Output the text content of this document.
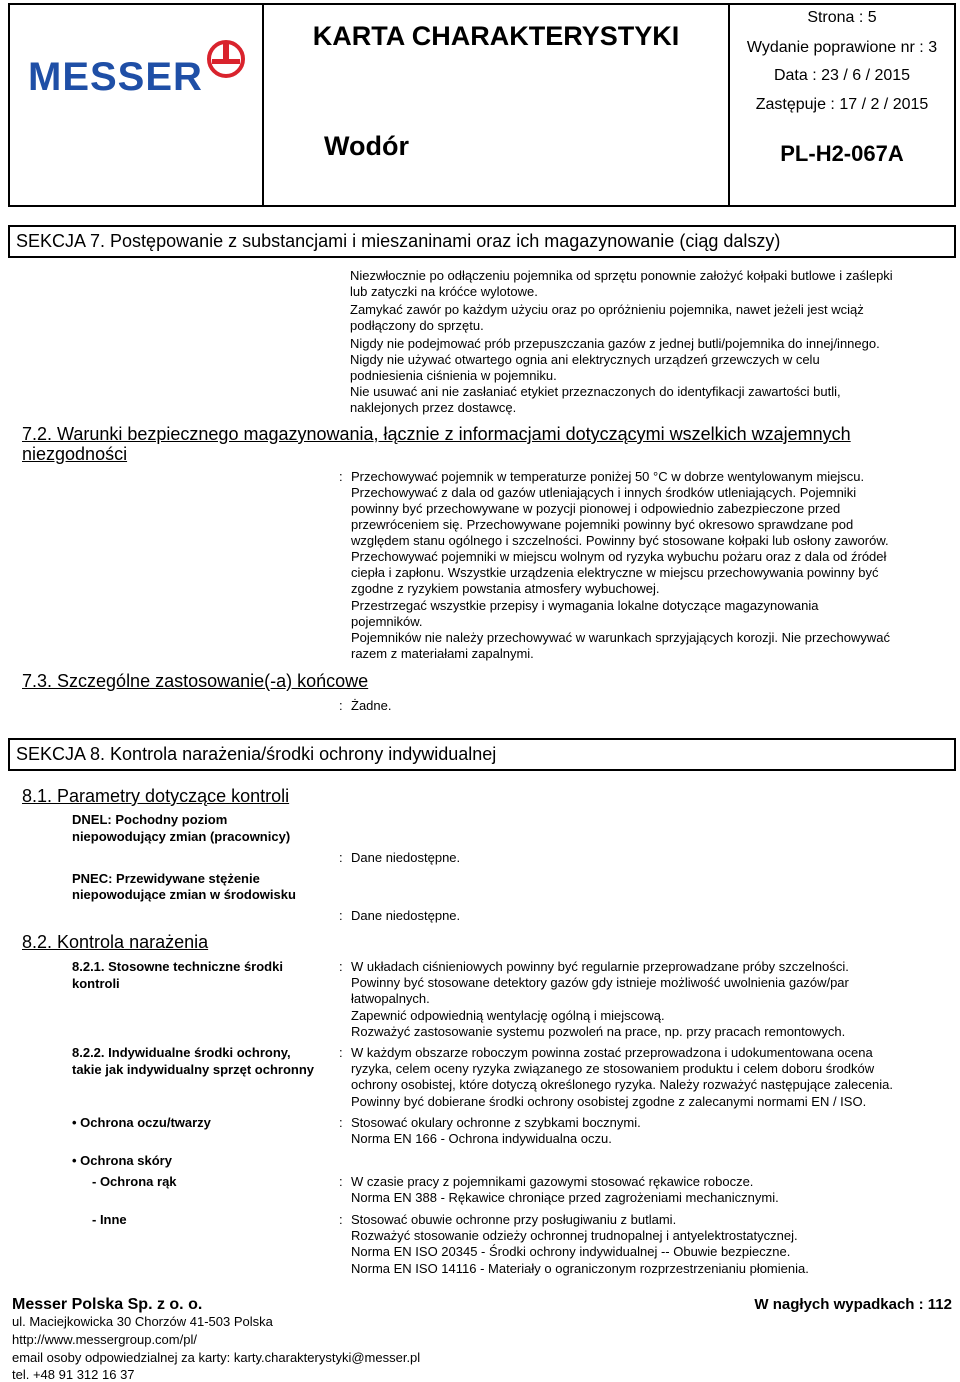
MESSER
KARTA CHARAKTERYSTYKI
Wodór
Strona : 5
Wydanie poprawione nr : 3
Data : 23 / 6 / 2015
Zastępuje : 17 / 2 / 2015
PL-H2-067A
SEKCJA 7. Postępowanie z substancjami i mieszaninami oraz ich magazynowanie (ciąg dalszy)
Niezwłocznie po odłączeniu pojemnika od sprzętu ponownie założyć kołpaki butlowe i zaślepki
lub zatyczki na króćce wylotowe.
Zamykać zawór po każdym użyciu oraz po opróżnieniu pojemnika, nawet jeżeli jest wciąż
podłączony do sprzętu.
Nigdy nie podejmować prób przepuszczania gazów z jednej butli/pojemnika do innej/innego.
Nigdy nie używać otwartego ognia ani elektrycznych urządzeń grzewczych w celu
podniesienia ciśnienia w pojemniku.
Nie usuwać ani nie zasłaniać etykiet przeznaczonych do identyfikacji zawartości butli,
naklejonych przez dostawcę.
7.2. Warunki bezpiecznego magazynowania, łącznie z informacjami dotyczącymi wszelkich wzajemnych
niezgodności
: Przechowywać pojemnik w temperaturze poniżej 50 °C w dobrze wentylowanym miejscu.
Przechowywać z dala od gazów utleniających i innych środków utleniających. Pojemniki
powinny być przechowywane w pozycji pionowej i odpowiednio zabezpieczone przed
przewróceniem się. Przechowywane pojemniki powinny być okresowo sprawdzane pod
względem stanu ogólnego i szczelności. Powinny być stosowane kołpaki lub osłony zaworów.
Przechowywać pojemniki w miejscu wolnym od ryzyka wybuchu pożaru oraz z dala od źródeł
ciepła i zapłonu. Wszystkie urządzenia elektryczne w miejscu przechowywania powinny być
zgodne z ryzykiem powstania atmosfery wybuchowej.
Przestrzegać wszystkie przepisy i wymagania lokalne dotyczące magazynowania
pojemników.
Pojemników nie należy przechowywać w warunkach sprzyjających korozji. Nie przechowywać
razem z materiałami zapalnymi.
7.3. Szczególne zastosowanie(-a) końcowe
: Żadne.
SEKCJA 8. Kontrola narażenia/środki ochrony indywidualnej
8.1. Parametry dotyczące kontroli
DNEL: Pochodny poziom
niepowodujący zmian (pracownicy)
: Dane niedostępne.
PNEC: Przewidywane stężenie
niepowodujące zmian w środowisku
: Dane niedostępne.
8.2. Kontrola narażenia
8.2.1. Stosowne techniczne środki
kontroli
: W układach ciśnieniowych powinny być regularnie przeprowadzane próby szczelności.
Powinny być stosowane detektory gazów gdy istnieje możliwość uwolnienia gazów/par
łatwopalnych.
Zapewnić odpowiednią wentylację ogólną i miejscową.
Rozważyć zastosowanie systemu pozwoleń na prace, np. przy pracach remontowych.
8.2.2. Indywidualne środki ochrony,
takie jak indywidualny sprzęt ochronny
: W każdym obszarze roboczym powinna zostać przeprowadzona i udokumentowana ocena
ryzyka, celem oceny ryzyka związanego ze stosowaniem produktu i celem doboru środków
ochrony osobistej, które dotyczą określonego ryzyka. Należy rozważyć następujące zalecenia.
Powinny być dobierane środki ochrony osobistej zgodne z zalecanymi normami EN / ISO.
• Ochrona oczu/twarzy	: Stosować okulary ochronne z szybkami bocznymi.
Norma EN 166 - Ochrona indywidualna oczu.
• Ochrona skóry
- Ochrona rąk	: W czasie pracy z pojemnikami gazowymi stosować rękawice robocze.
Norma EN 388 - Rękawice chroniące przed zagrożeniami mechanicznymi.
- Inne	: Stosować obuwie ochronne przy posługiwaniu z butlami.
Rozważyć stosowanie odzieży ochronnej trudnopalnej i antyelektrostatycznej.
Norma EN ISO 20345 - Środki ochrony indywidualnej -- Obuwie bezpieczne.
Norma EN ISO 14116 - Materiały o ograniczonym rozprzestrzenianiu płomienia.
Messer Polska Sp. z o. o.	W nagłych wypadkach : 112
ul. Maciejkowicka 30 Chorzów 41-503 Polska
http://www.messergroup.com/pl/
email osoby odpowiedzialnej za karty: karty.charakterystyki@messer.pl
tel. +48 91 312 16 37
